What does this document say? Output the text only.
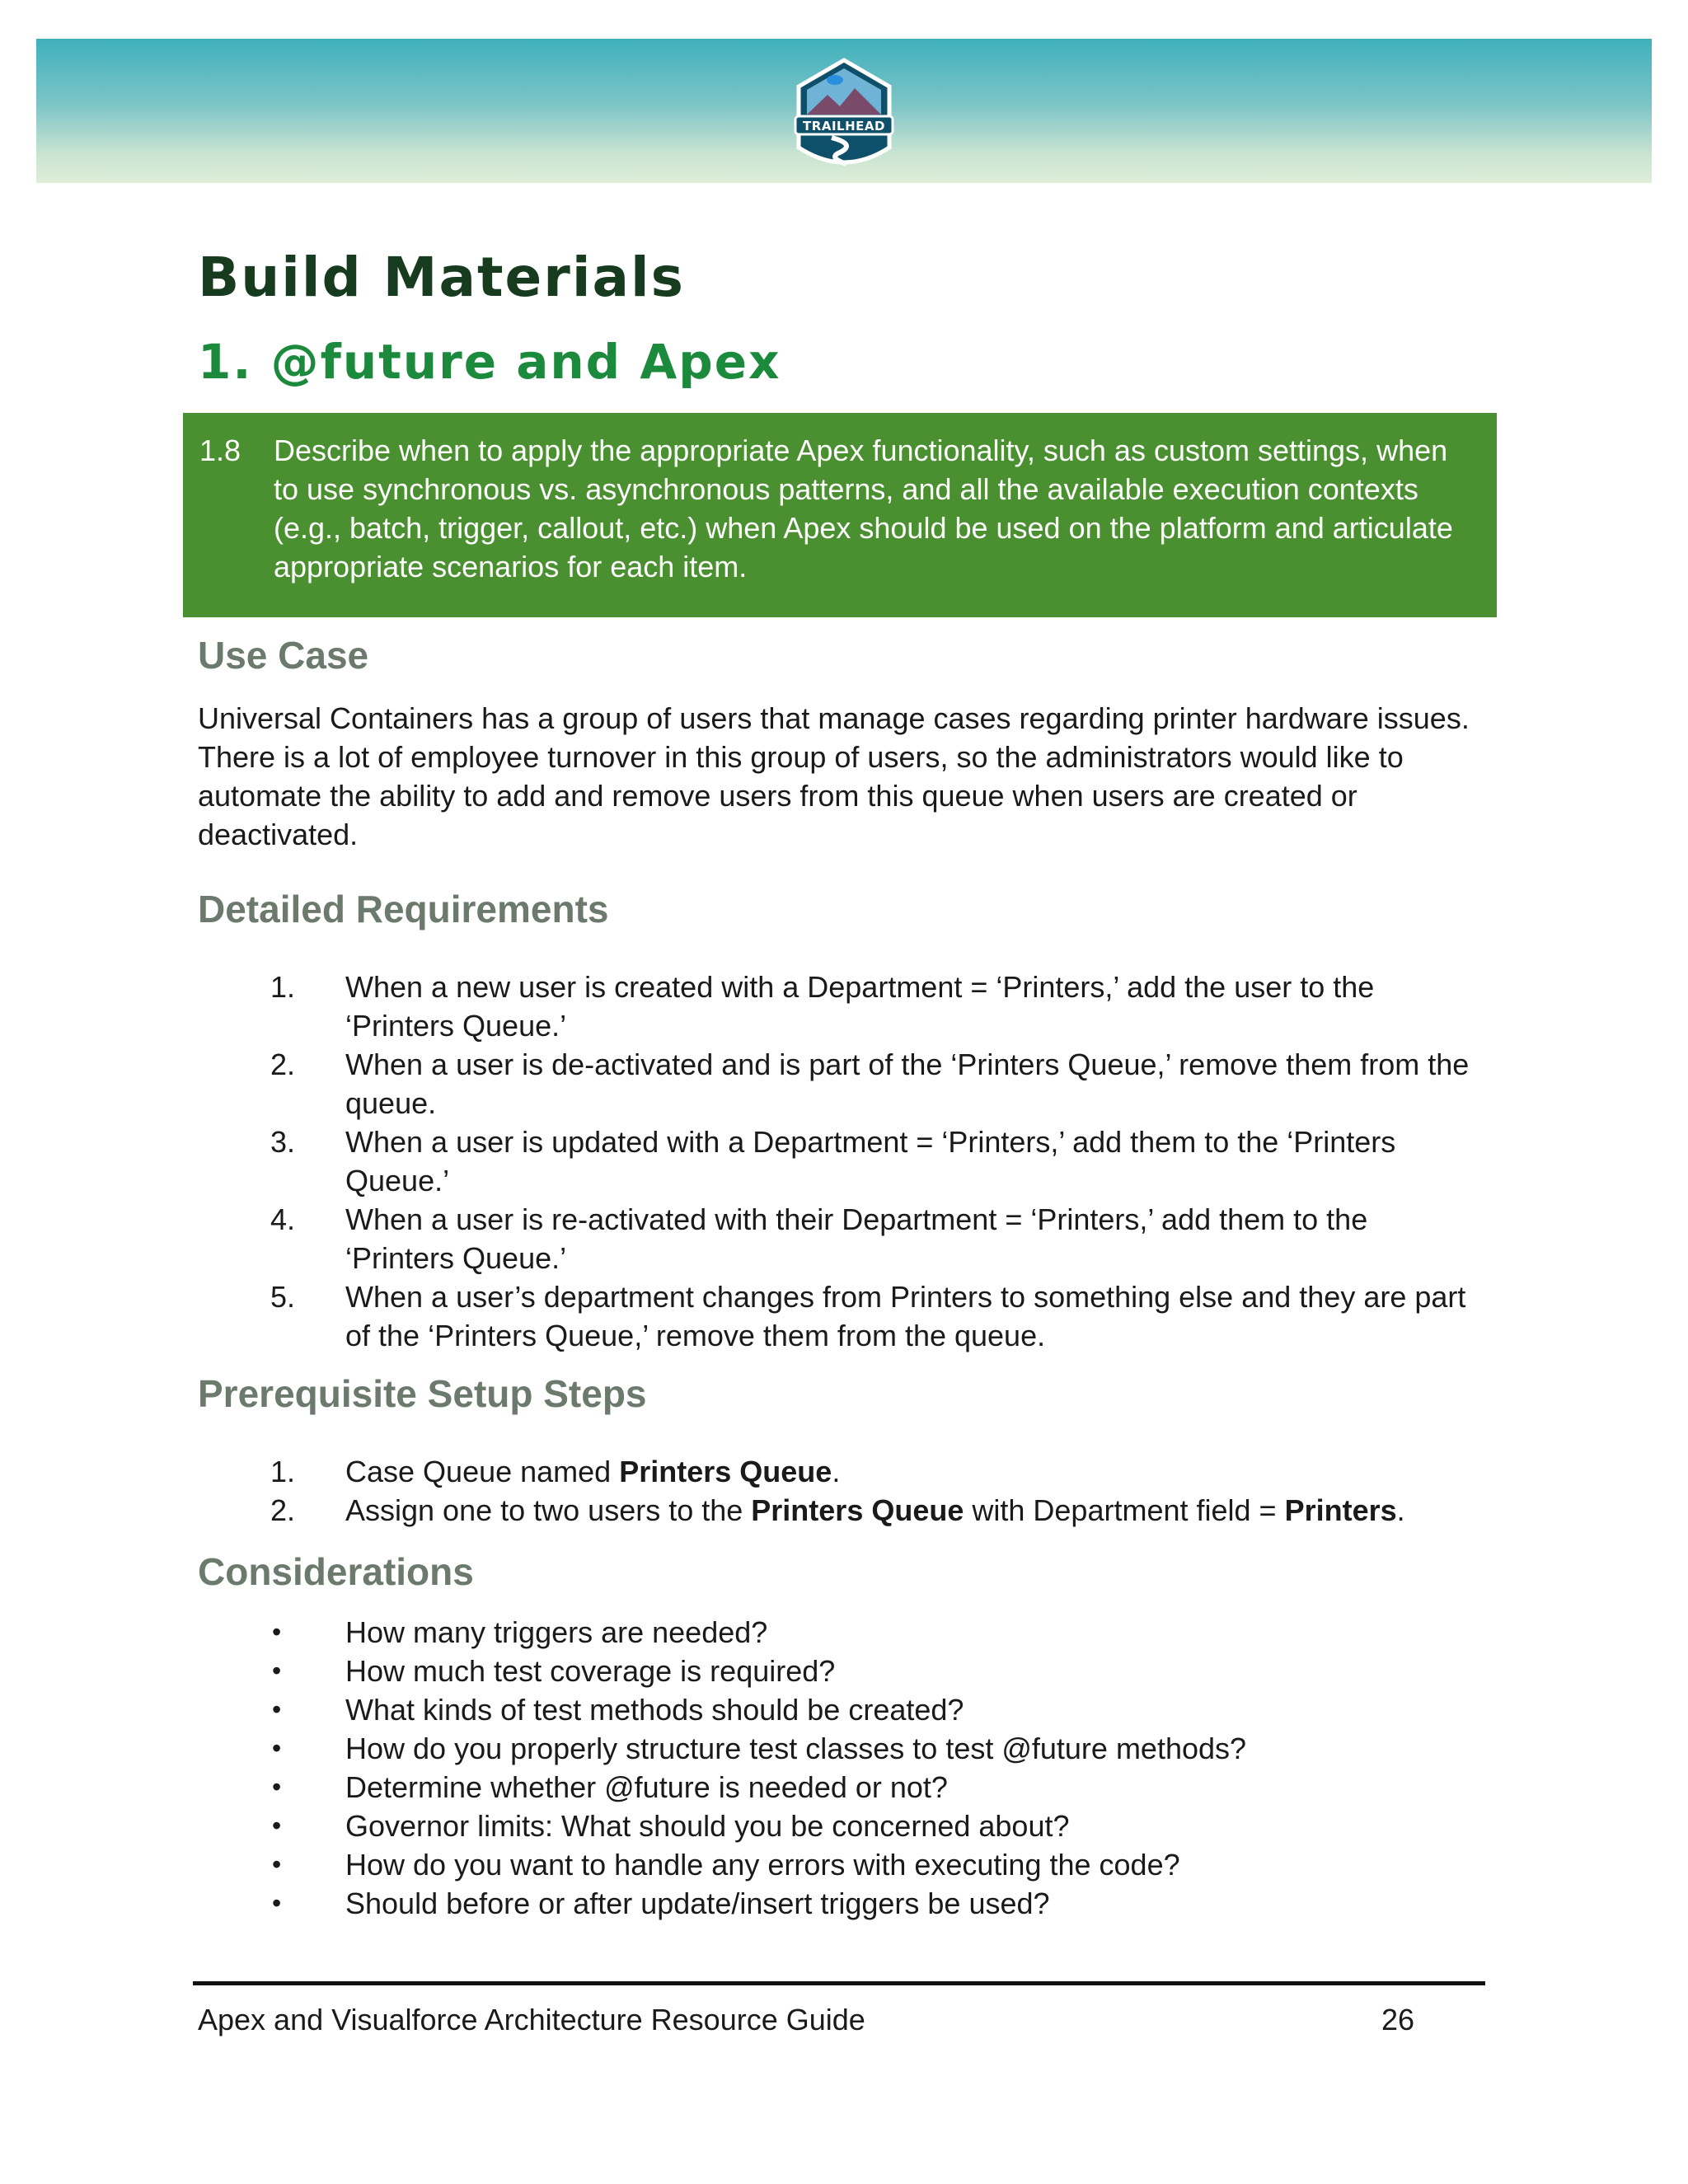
TRAILHEAD
Build Materials
1. @future and Apex
1.8	Describe when to apply the appropriate Apex functionality, such as custom settings, when to use synchronous vs. asynchronous patterns, and all the available execution contexts (e.g., batch, trigger, callout, etc.) when Apex should be used on the platform and articulate appropriate scenarios for each item.
Use Case

Universal Containers has a group of users that manage cases regarding printer hardware issues. There is a lot of employee turnover in this group of users, so the administrators would like to automate the ability to add and remove users from this queue when users are created or deactivated.

Detailed Requirements
1. When a new user is created with a Department = ‘Printers,’ add the user to the ‘Printers Queue.’
2. When a user is de-activated and is part of the ‘Printers Queue,’ remove them from the queue.
3. When a user is updated with a Department = ‘Printers,’ add them to the ‘Printers Queue.’
4. When a user is re-activated with their Department = ‘Printers,’ add them to the ‘Printers Queue.’
5. When a user’s department changes from Printers to something else and they are part of the ‘Printers Queue,’ remove them from the queue.
Prerequisite Setup Steps
1. Case Queue named Printers Queue.
2. Assign one to two users to the Printers Queue with Department field = Printers.
Considerations
• How many triggers are needed?
• How much test coverage is required?
• What kinds of test methods should be created?
• How do you properly structure test classes to test @future methods?
• Determine whether @future is needed or not?
• Governor limits: What should you be concerned about?
• How do you want to handle any errors with executing the code?
• Should before or after update/insert triggers be used?
Apex and Visualforce Architecture Resource Guide	26
